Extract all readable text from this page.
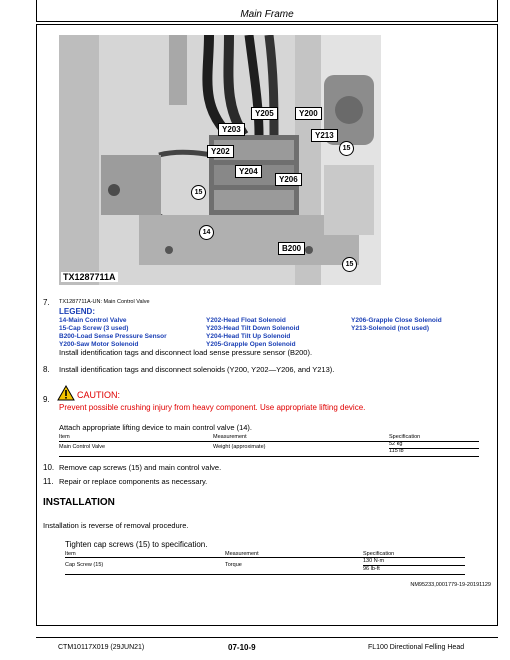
Main Frame
Y203
Y205	Y200
Y213
Y202
Y204
Y206
B200
15
15
15
14
TX1287711A
7. TX1287711A-UN: Main Control Valve
LEGEND:
14-Main Control Valve
15-Cap Screw (3 used)
B200-Load Sense Pressure Sensor
Y200-Saw Motor Solenoid
Y202-Head Float Solenoid
Y203-Head Tilt Down Solenoid
Y204-Head Tilt Up Solenoid
Y205-Grapple Open Solenoid
Y206-Grapple Close Solenoid
Y213-Solenoid (not used)
Install identification tags and disconnect load sense pressure sensor (B200).
8. Install identification tags and disconnect solenoids (Y200, Y202—Y206, and Y213).
9.	CAUTION:
Prevent possible crushing injury from heavy component. Use appropriate lifting device.
Attach appropriate lifting device to main control valve (14).
Item	Measurement	Specification
Main Control Valve	Weight (approximate)	52 kg
115 lb
10. Remove cap screws (15) and main control valve.
11. Repair or replace components as necessary.
INSTALLATION
Installation is reverse of removal procedure.
Tighten cap screws (15) to specification.
Item	Measurement	Specification
Cap Screw (15)	Torque
130 N·m
96 lb-ft
NM95233,0001779-19-20191129
CTM10117X019 (29JUN21)	07-10-9	FL100 Directional Felling Head
